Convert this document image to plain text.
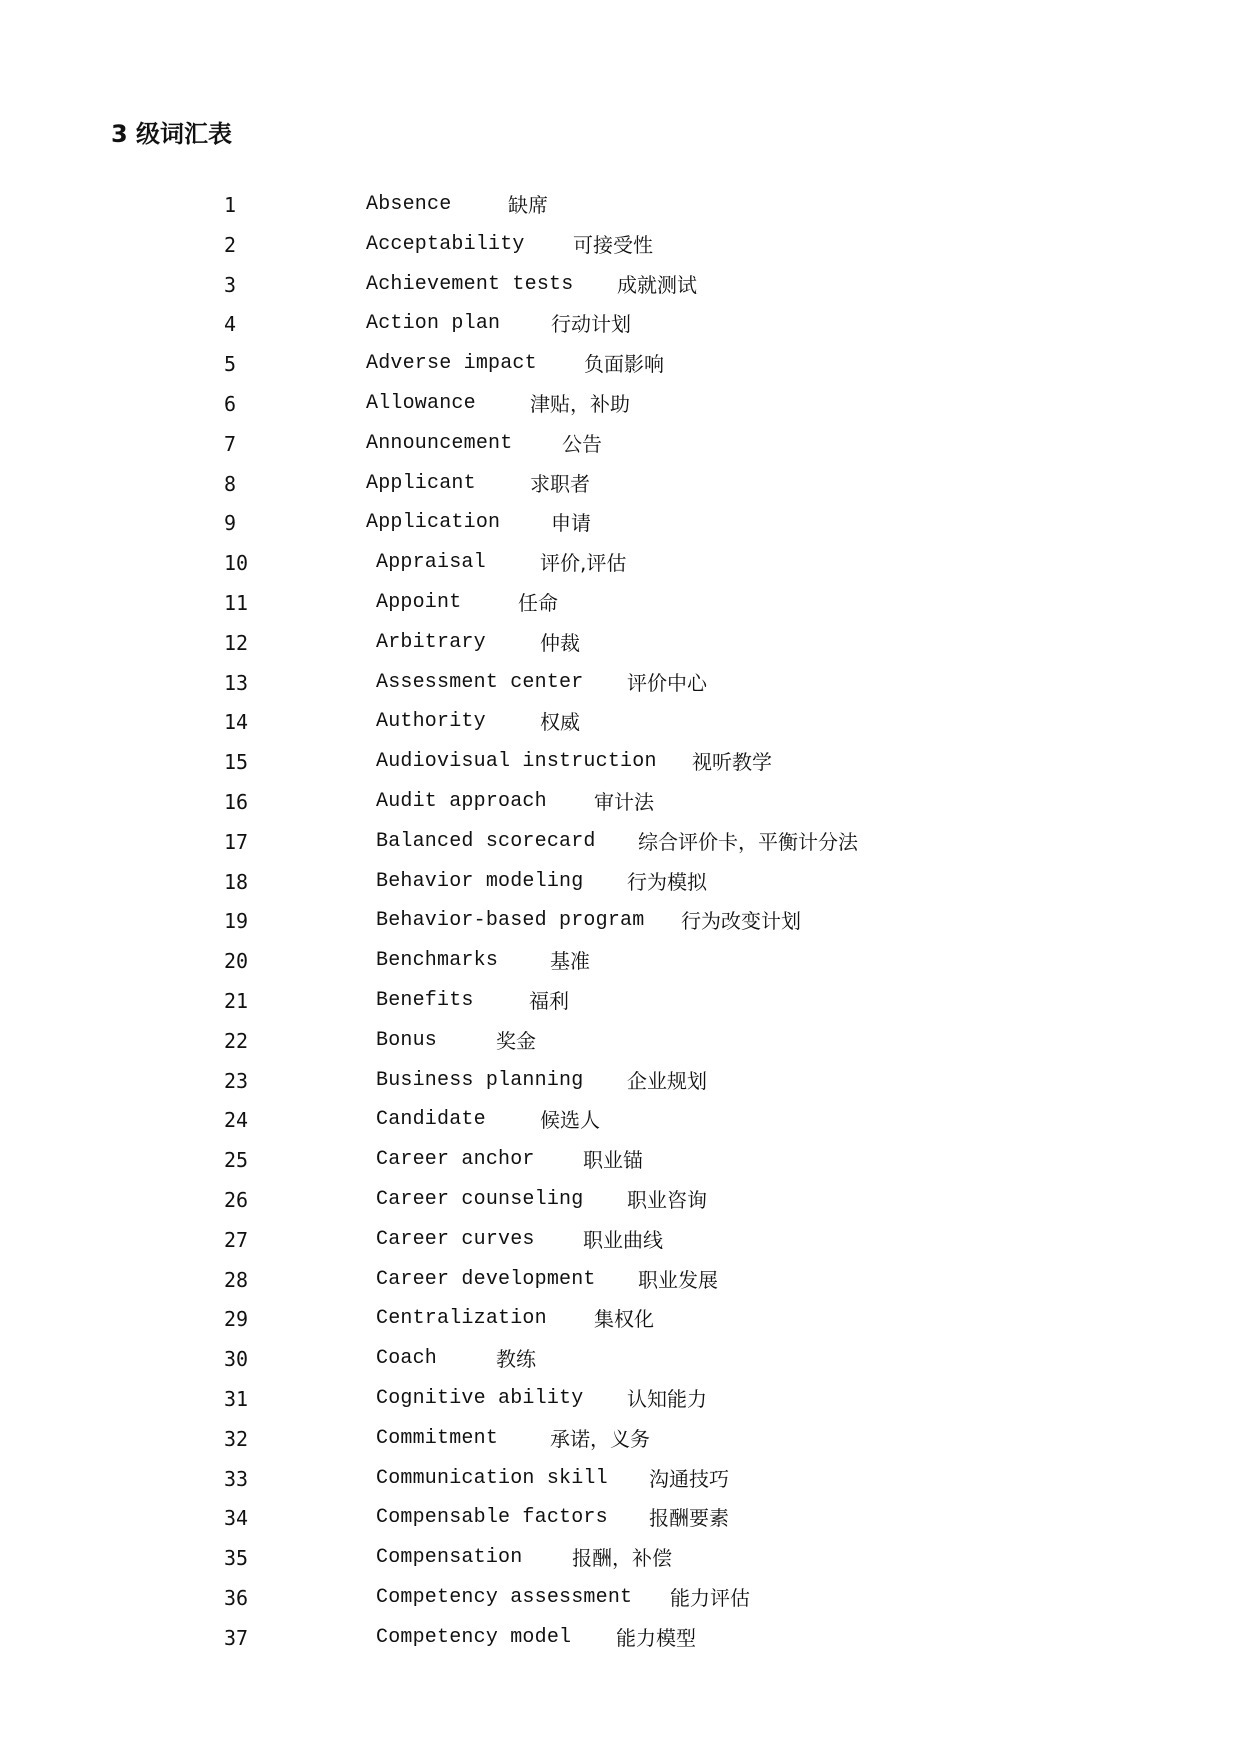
3 级词汇表
1	Absence	缺席
2	Acceptability 可接受性
3	Achievement tests 成就测试
4	Action plan	行动计划
5	Adverse impact 负面影响
6	Allowance	津贴，补助
7	Announcement 公告
8	Applicant	求职者
9	Application	申请
10	Appraisal	评价,评估
11	Appoint	任命
12	Arbitrary	仲裁
13	Assessment center 评价中心
14	Authority	权威
15	Audiovisual instruction 视听教学
16	Audit approach 审计法
17	Balanced scorecard 综合评价卡，平衡计分法
18	Behavior modeling 行为模拟
19	Behavior-based program 行为改变计划
20	Benchmarks	基准
21	Benefits	福利
22	Bonus	奖金
23	Business planning 企业规划
24	Candidate	候选人
25	Career anchor 职业锚
26	Career counseling 职业咨询
27	Career curves 职业曲线
28	Career development 职业发展
29	Centralization 集权化
30	Coach	教练
31	Cognitive ability 认知能力
32	Commitment	承诺，义务
33	Communication skill 沟通技巧
34	Compensable factors 报酬要素
35	Compensation 报酬，补偿
36	Competency assessment 能力评估
37	Competency model 能力模型
